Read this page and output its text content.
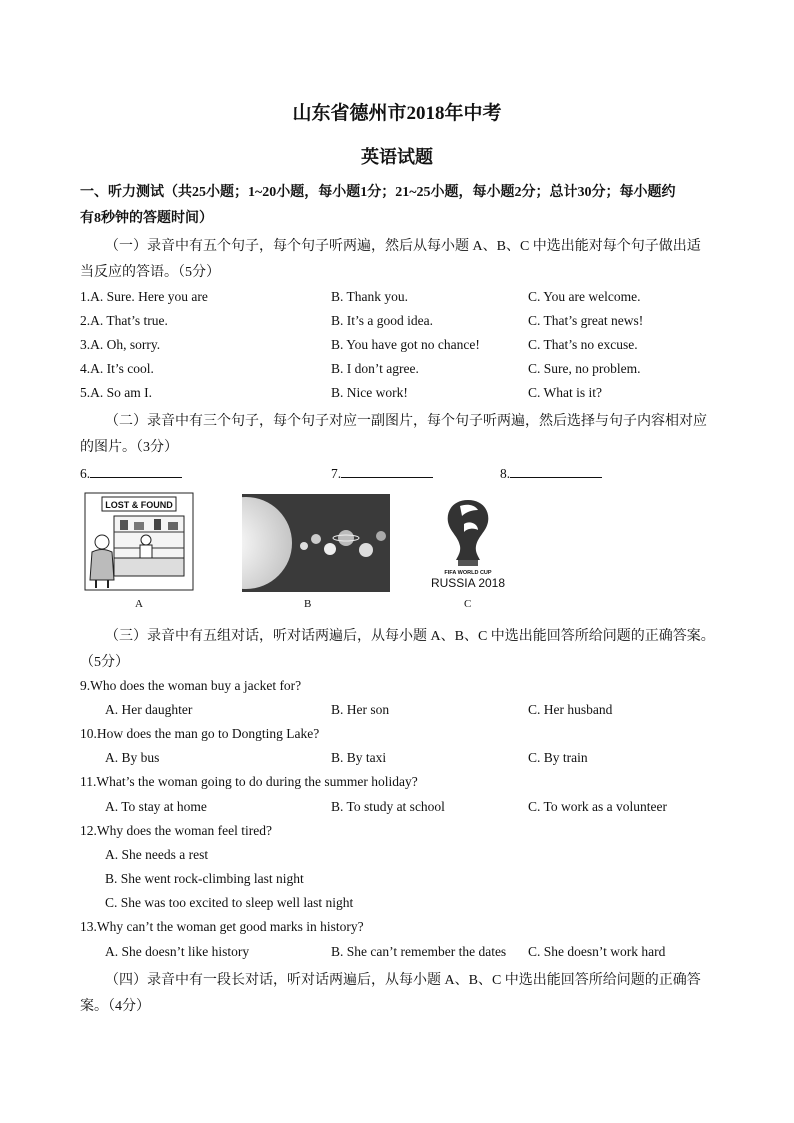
山东省德州市2018年中考
英语试题
一、听力测试（共25小题；1~20小题，每小题1分；21~25小题，每小题2分；总计30分；每小题约
有8秒钟的答题时间）
（一）录音中有五个句子，每个句子听两遍，然后从每小题 A、B、C 中选出能对每个句子做出适
当反应的答语。（5分）
1.A. Sure. Here you are	B. Thank you.	C. You are welcome.
2.A. That’s true.	B. It’s a good idea.	C. That’s great news!
3.A. Oh, sorry.	B. You have got no chance!	C. That’s no excuse.
4.A. It’s cool.	B. I don’t agree.	C. Sure, no problem.
5.A. So am I.	B. Nice work!	C. What is it?
（二）录音中有三个句子，每个句子对应一副图片，每个句子听两遍，然后选择与句子内容相对应
的图片。（3分）
6.	7.	8.
LOST & FOUND
A	B
FIFA WORLD CUP
RUSSIA 2018
C
（三）录音中有五组对话，听对话两遍后，从每小题 A、B、C 中选出能回答所给问题的正确答案。
（5分）
9.Who does the woman buy a jacket for?
A. Her daughter	B. Her son	C. Her husband
10.How does the man go to Dongting Lake?
A. By bus	B. By taxi	C. By train
11.What’s the woman going to do during the summer holiday?
A. To stay at home	B. To study at school	C. To work as a volunteer
12.Why does the woman feel tired?
A. She needs a rest
B. She went rock-climbing last night
C. She was too excited to sleep well last night
13.Why can’t the woman get good marks in history?
A. She doesn’t like history	B. She can’t remember the dates C. She doesn’t work hard
（四）录音中有一段长对话，听对话两遍后，从每小题 A、B、C 中选出能回答所给问题的正确答
案。（4分）
